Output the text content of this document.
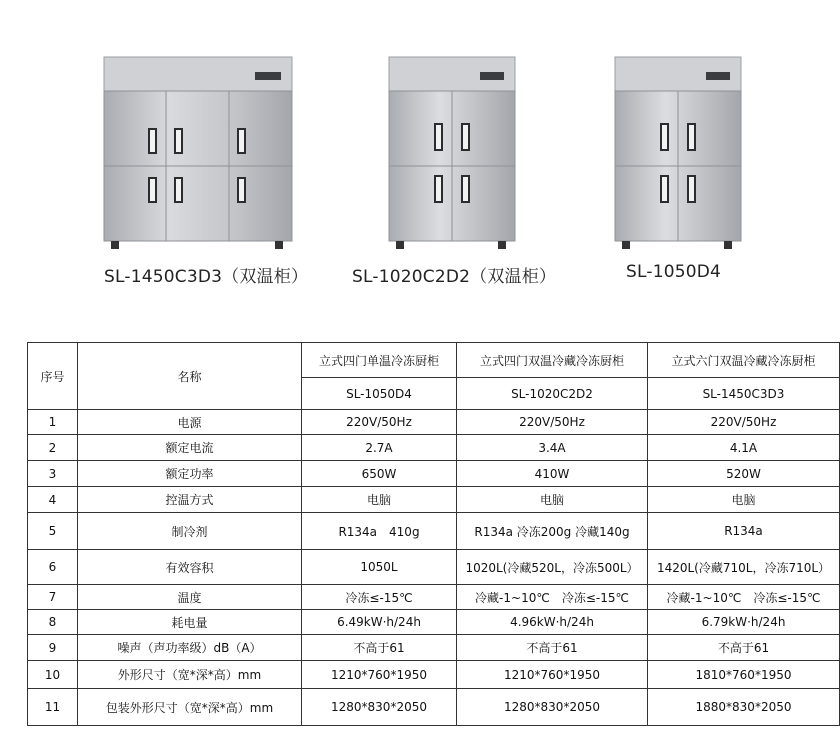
SL-1450C3D3（双温柜）	SL-1020C2D2（双温柜）	SL-1050D4
序号	名称	立式四门单温冷冻厨柜	立式四门双温冷藏冷冻厨柜	立式六门双温冷藏冷冻厨柜
		SL-1050D4	SL-1020C2D2	SL-1450C3D3
1	电源	220V/50Hz	220V/50Hz	220V/50Hz
2	额定电流	2.7A	3.4A	4.1A
3	额定功率	650W	410W	520W
4	控温方式	电脑	电脑	电脑
5	制冷剂	R134a　410g	R134a 冷冻200g 冷藏140g	R134a
6	有效容积	1050L	1020L(冷藏520L，冷冻500L）	1420L(冷藏710L，冷冻710L）
7	温度	冷冻≤-15℃	冷藏-1~10℃　冷冻≤-15℃	冷藏-1~10℃　冷冻≤-15℃
8	耗电量	6.49kW·h/24h	4.96kW·h/24h	6.79kW·h/24h
9	噪声（声功率级）dB（A）	不高于61	不高于61	不高于61
10	外形尺寸（宽*深*高）mm	1210*760*1950	1210*760*1950	1810*760*1950
11	包装外形尺寸（宽*深*高）mm	1280*830*2050	1280*830*2050	1880*830*2050
